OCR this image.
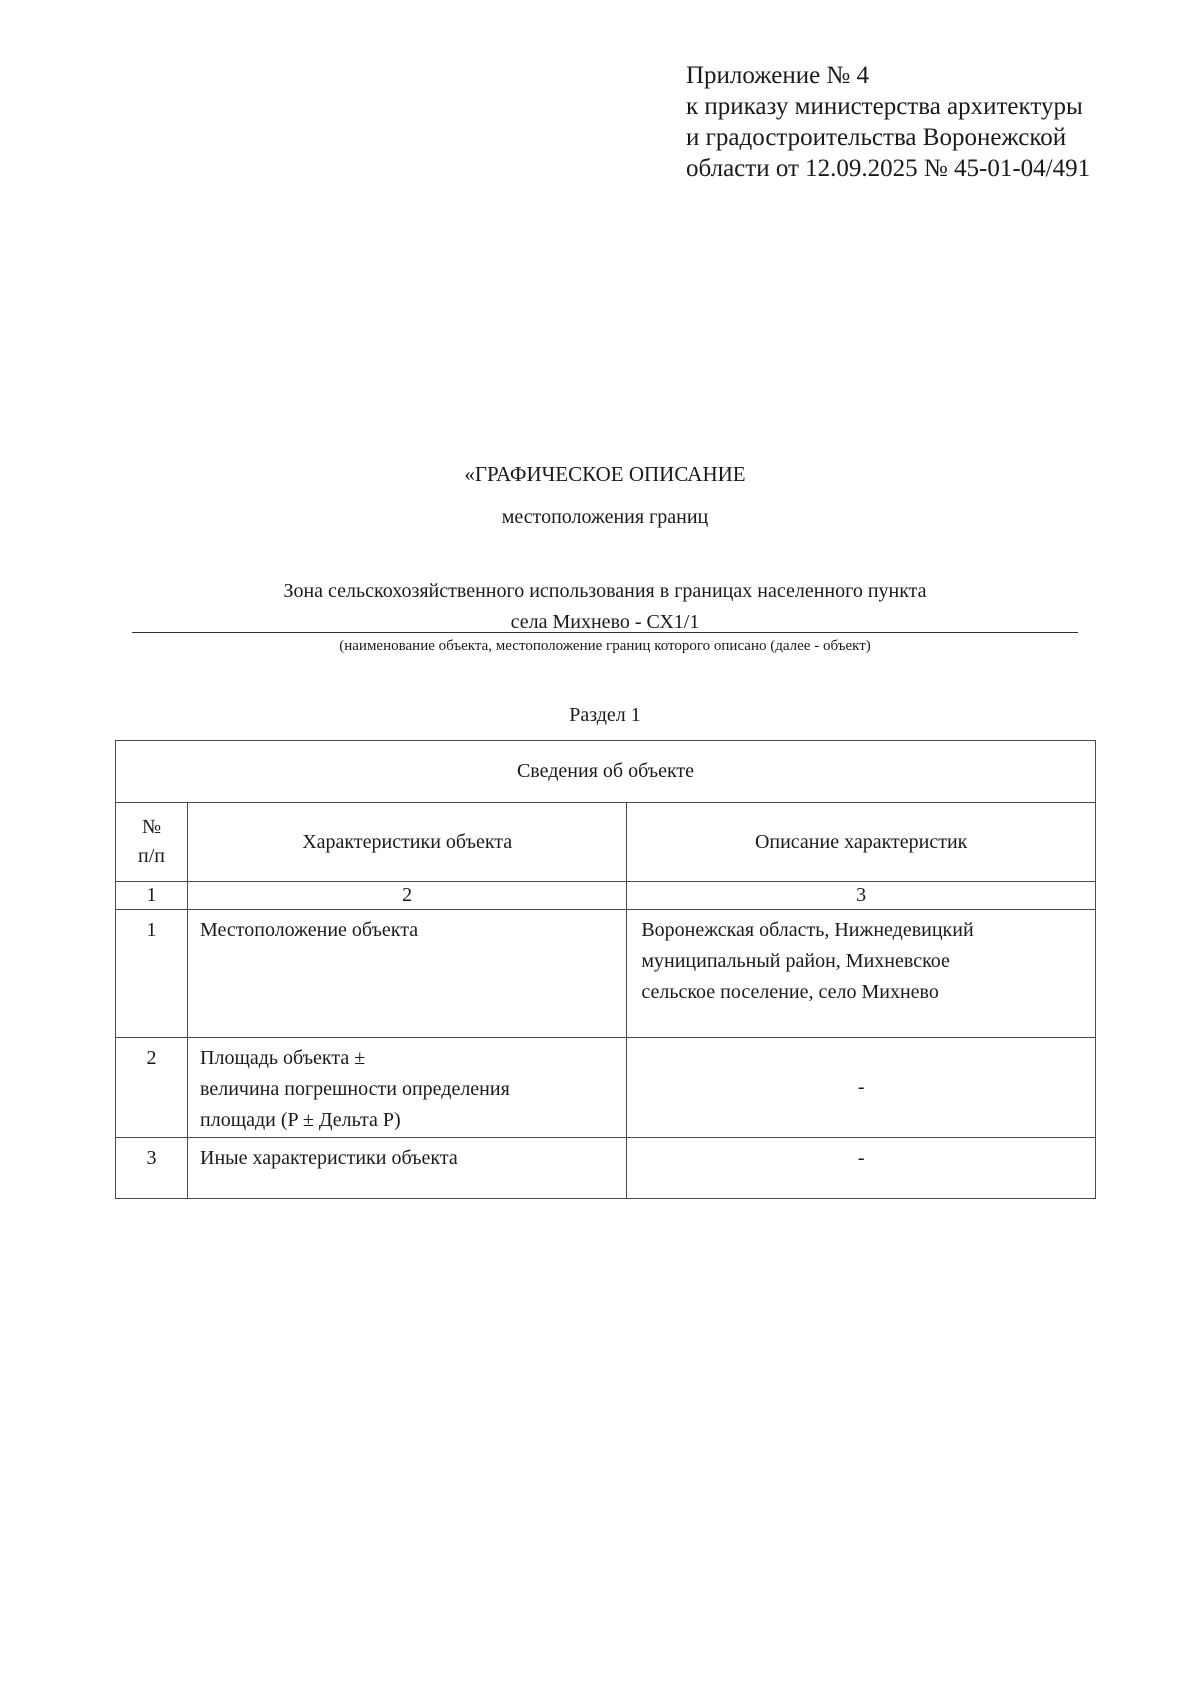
Приложение № 4
к приказу министерства архитектуры
и градостроительства Воронежской
области от 12.09.2025 № 45-01-04/491
«ГРАФИЧЕСКОЕ ОПИСАНИЕ
местоположения границ
Зона сельскохозяйственного использования в границах населенного пункта
села Михнево - СХ1/1
(наименование объекта, местоположение границ которого описано (далее - объект)
Раздел 1
Сведения об объекте		

№
п/п	Характеристики объекта	Описание характеристик
1	2	3
1	Местоположение объекта	Воронежская область, Нижнедевицкий
муниципальный район, Михневское
сельское поселение, село Михнево

2	Площадь объекта ±
величина погрешности определения
площади (P ± Дельта P)	-
3	Иные характеристики объекта	-
